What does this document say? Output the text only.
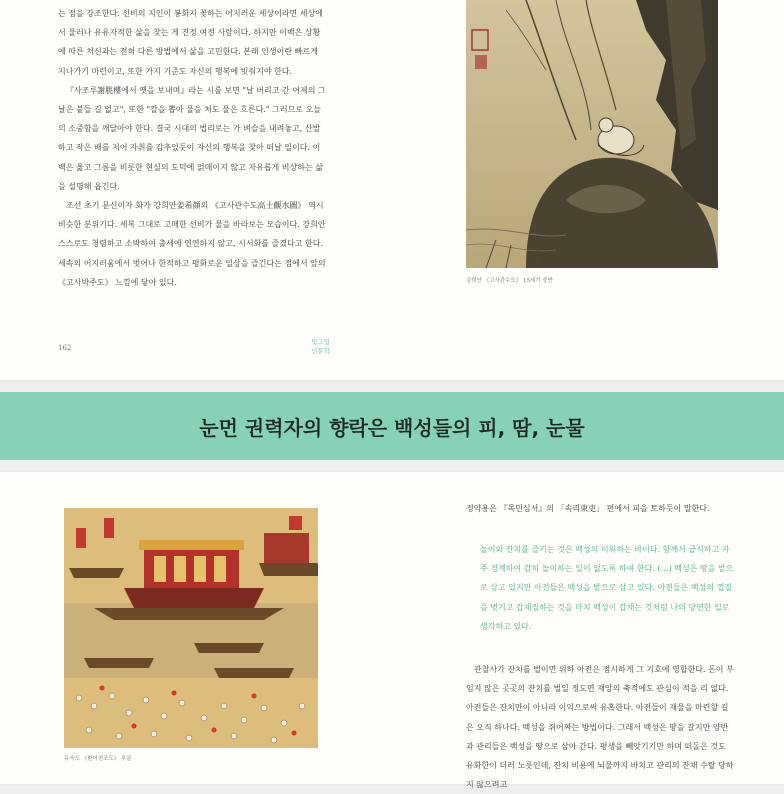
는 점을 강조한다. 선비의 지인이 봉화지 꽃하는 어지러운 세상이라면 세상에서 물러나 유유자적한 삶을 찾는 게 진정 여전 사람이다. 하지만 이백은 상황에 따른 처신과는 전혀 다른 방법에서 삶을 고민한다. 본래 인생이란 빠르게 지나가기 마련이고, 또한 가지 기준도 자신의 행복에 빗줘지야 한다.

『사조루謝朓樓에서 옛을 보내며』라는 시를 보면 "날 버리고 간 어제의 그 날은 붙들 길 없고", 또한 "칼을 뽑아 물을 쳐도 물은 흐른다." 그러므로 오늘의 소중함을 깨달아야 한다. 결국 시대의 법리로는 가 벼슬을 내려놓고, 산발하고 작은 배를 저어 자취를 감추었듯이 자신의 행복을 찾아 떠날 일이다. 이백은 옳고 그름을 비롯한 현실의 도덕에 얽매이지 않고 자유롭게 비상하는 삶을 설명해 옵긴다.

조선 초기 문신이자 화가 강희안姜希顔의 《고사관수도高士觀水圖》 역시 비슷한 분위기다. 세복 그대로 고매한 선비가 물을 바라보는 모습이다. 강희안 스스로도 청렴하고 소박하여 출세에 연연하지 않고, 시서화를 즐겼다고 한다. 세속의 어지러움에서 벗어나 한적하고 평화로운 일상을 즐긴다는 점에서 앞의 《고사박주도》 느낌에 닿아 있다.

162
빛그림
인문학
강희안 《고사관수도》 15세기 중반
눈먼 권력자의 향락은 백성들의 피, 땀, 눈물
유숙도 《환어천조도》 부분
정약용은 『목민심서』의 「속리束吏」 편에서 피을 토하듯이 말한다.

놀이와 잔치를 즐기는 것은 백성의 미워하는 바이다. 함께서 급식하고 자주 경계하여 감히 놀이하는 일이 없도록 하여 한다. (…) 백성은 땅을 밭으로 삼고 있지만 아전들은 백성을 밭으로 삼고 있다. 아전들은 백성의 껍질을 벗기고 갑채질하는 것을 마치 백성이 갑채는 것처럼 나의 당연한 일로 생각하고 있다.

관찰사가 잔치를 벌이면 위하 아전은 점시하게 그 기호에 영합한다. 돈이 부임지 많은 곳곳의 잔치를 벌일 정도면 재앙의 축적에도 관심이 적을 리 없다. 아전들은 잔치만이 아니라 이익으로써 유혹한다. 아전들이 재물을 마련할 길은 오직 하나다. 백성을 쥐어짜는 방법이다. 그래서 백성은 땅을 갈지만 양반과 관리들은 백성을 땅으로 삼아 간다. 평생을 빼앗기기만 하며 떠돌은 것도 유화한이 더러 노릇인데, 잔치 비용에 뇌물까지 바치고 관리의 잔채 수탈 당하지 않으려고
